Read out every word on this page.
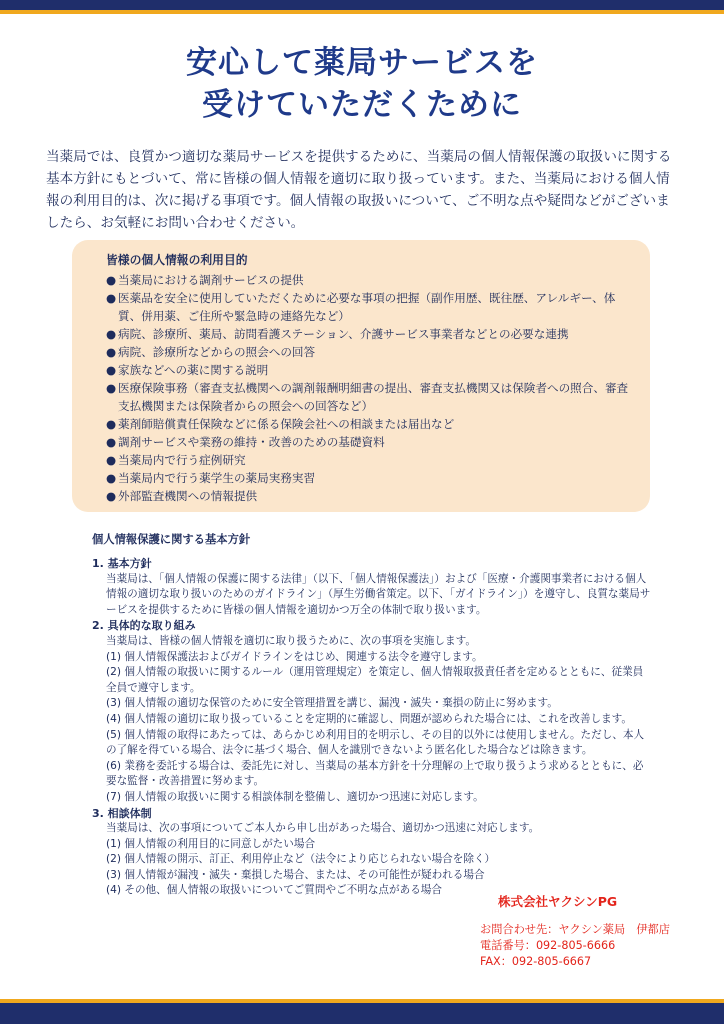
安心して薬局サービスを
受けていただくために
当薬局では、良質かつ適切な薬局サービスを提供するために、当薬局の個人情報保護の取扱いに関する基本方針にもとづいて、常に皆様の個人情報を適切に取り扱っています。また、当薬局における個人情報の利用目的は、次に掲げる事項です。個人情報の取扱いについて、ご不明な点や疑問などがございましたら、お気軽にお問い合わせください。
皆様の個人情報の利用目的
● 当薬局における調剤サービスの提供
● 医薬品を安全に使用していただくために必要な事項の把握（副作用歴、既往歴、アレルギー、体質、併用薬、ご住所や緊急時の連絡先など）
● 病院、診療所、薬局、訪問看護ステーション、介護サービス事業者などとの必要な連携
● 病院、診療所などからの照会への回答
● 家族などへの薬に関する説明
● 医療保険事務（審査支払機関への調剤報酬明細書の提出、審査支払機関又は保険者への照合、審査支払機関または保険者からの照会への回答など）
● 薬剤師賠償責任保険などに係る保険会社への相談または届出など
● 調剤サービスや業務の維持・改善のための基礎資料
● 当薬局内で行う症例研究
● 当薬局内で行う薬学生の薬局実務実習
● 外部監査機関への情報提供
個人情報保護に関する基本方針
1. 基本方針
当薬局は、「個人情報の保護に関する法律」（以下、「個人情報保護法」）および「医療・介護関事業者における個人情報の適切な取り扱いのためのガイドライン」（厚生労働省策定。以下、「ガイドライン」）を遵守し、良質な薬局サービスを提供するために皆様の個人情報を適切かつ万全の体制で取り扱います。
2. 具体的な取り組み
当薬局は、皆様の個人情報を適切に取り扱うために、次の事項を実施します。
(1) 個人情報保護法およびガイドラインをはじめ、関連する法令を遵守します。
(2) 個人情報の取扱いに関するルール（運用管理規定）を策定し、個人情報取扱責任者を定めるとともに、従業員全員で遵守します。
(3) 個人情報の適切な保管のために安全管理措置を講じ、漏洩・滅失・棄損の防止に努めます。
(4) 個人情報の適切に取り扱っていることを定期的に確認し、問題が認められた場合には、これを改善します。
(5) 個人情報の取得にあたっては、あらかじめ利用目的を明示し、その目的以外には使用しません。ただし、本人の了解を得ている場合、法令に基づく場合、個人を識別できないよう匿名化した場合などは除きます。
(6) 業務を委託する場合は、委託先に対し、当薬局の基本方針を十分理解の上で取り扱うよう求めるとともに、必要な監督・改善措置に努めます。
(7) 個人情報の取扱いに関する相談体制を整備し、適切かつ迅速に対応します。
3. 相談体制
当薬局は、次の事項についてご本人から申し出があった場合、適切かつ迅速に対応します。
(1) 個人情報の利用目的に同意しがたい場合
(2) 個人情報の開示、訂正、利用停止など（法令により応じられない場合を除く）
(3) 個人情報が漏洩・滅失・棄損した場合、または、その可能性が疑われる場合
(4) その他、個人情報の取扱いについてご質問やご不明な点がある場合
株式会社ヤクシンPG
お問合わせ先：ヤクシン薬局　伊都店
電話番号：092-805-6666
FAX：092-805-6667
